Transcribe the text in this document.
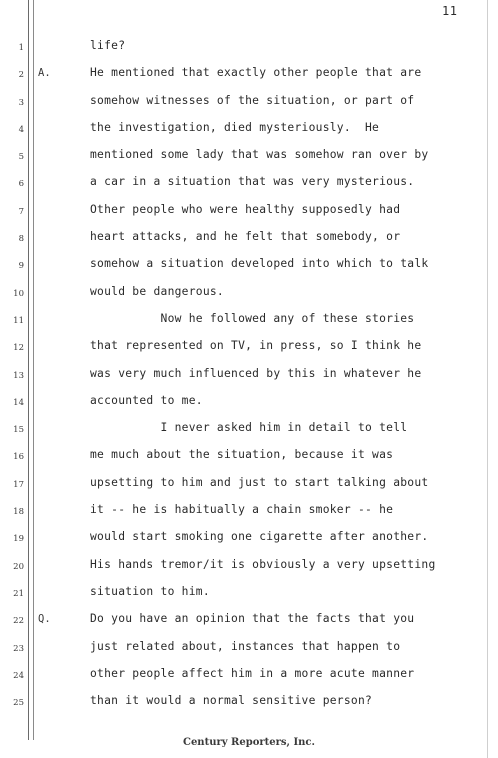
11
1	life?
2 A.	He mentioned that exactly other people that are
3	somehow witnesses of the situation, or part of
4	the investigation, died mysteriously.  He
5	mentioned some lady that was somehow ran over by
6	a car in a situation that was very mysterious.
7	Other people who were healthy supposedly had
8	heart attacks, and he felt that somebody, or
9	somehow a situation developed into which to talk
10	would be dangerous.
11	Now he followed any of these stories
12	that represented on TV, in press, so I think he
13	was very much influenced by this in whatever he
14	accounted to me.
15	I never asked him in detail to tell
16	me much about the situation, because it was
17	upsetting to him and just to start talking about
18	it -- he is habitually a chain smoker -- he
19	would start smoking one cigarette after another.
20	His hands tremor/it is obviously a very upsetting
21	situation to him.
22 Q.	Do you have an opinion that the facts that you
23	just related about, instances that happen to
24	other people affect him in a more acute manner
25	than it would a normal sensitive person?
Century Reporters, Inc.
